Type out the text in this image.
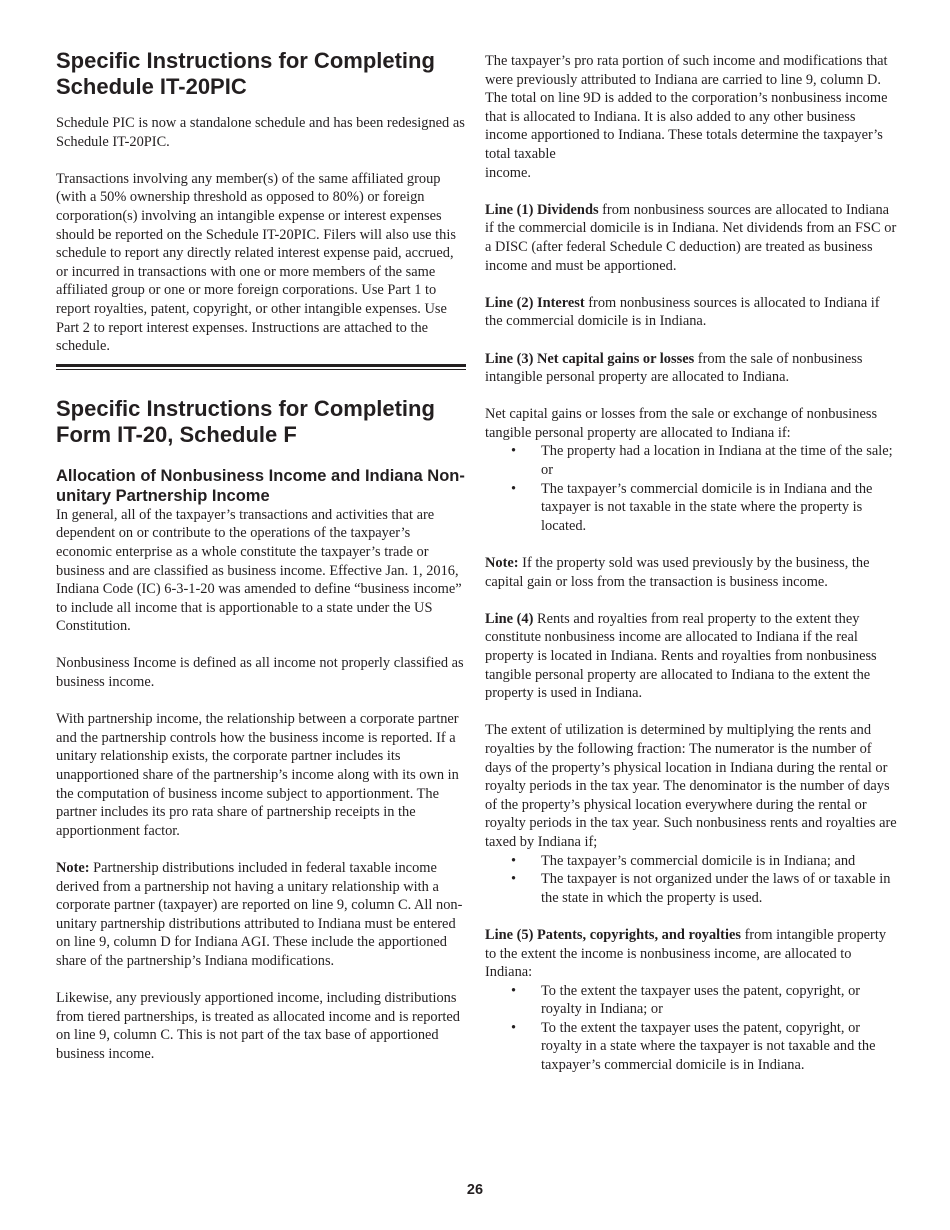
Specific Instructions for Completing Schedule IT-20PIC

Schedule PIC is now a standalone schedule and has been redesigned as Schedule IT-20PIC.

Transactions involving any member(s) of the same affiliated group (with a 50% ownership threshold as opposed to 80%) or foreign corporation(s) involving an intangible expense or interest expenses should be reported on the Schedule IT-20PIC. Filers will also use this schedule to report any directly related interest expense paid, accrued, or incurred in transactions with one or more members of the same affiliated group or one or more foreign corporations. Use Part 1 to report royalties, patent, copyright, or other intangible expenses. Use Part 2 to report interest expenses. Instructions are attached to the schedule.

Specific Instructions for Completing Form IT-20, Schedule F
Allocation of Nonbusiness Income and Indiana Non-unitary Partnership Income

In general, all of the taxpayer’s transactions and activities that are dependent on or contribute to the operations of the taxpayer’s economic enterprise as a whole constitute the taxpayer’s trade or business and are classified as business income. Effective Jan. 1, 2016, Indiana Code (IC) 6-3-1-20 was amended to define “business income” to include all income that is apportionable to a state under the US Constitution.

Nonbusiness Income is defined as all income not properly classified as business income.

With partnership income, the relationship between a corporate partner and the partnership controls how the business income is reported. If a unitary relationship exists, the corporate partner includes its unapportioned share of the partnership’s income along with its own in the computation of business income subject to apportionment. The partner includes its pro rata share of partnership receipts in the apportionment factor.

Note: Partnership distributions included in federal taxable income derived from a partnership not having a unitary relationship with a corporate partner (taxpayer) are reported on line 9, column C. All non-unitary partnership distributions attributed to Indiana must be entered on line 9, column D for Indiana AGI. These include the apportioned share of the partnership’s Indiana modifications.

Likewise, any previously apportioned income, including distributions from tiered partnerships, is treated as allocated income and is reported on line 9, column C. This is not part of the tax base of apportioned business income.

The taxpayer’s pro rata portion of such income and modifications that were previously attributed to Indiana are carried to line 9, column D. The total on line 9D is added to the corporation’s nonbusiness income that is allocated to Indiana. It is also added to any other business income apportioned to Indiana. These totals determine the taxpayer’s total taxable
income.

Line (1) Dividends from nonbusiness sources are allocated to Indiana if the commercial domicile is in Indiana. Net dividends from an FSC or a DISC (after federal Schedule C deduction) are treated as business income and must be apportioned.

Line (2) Interest from nonbusiness sources is allocated to Indiana if the commercial domicile is in Indiana.

Line (3) Net capital gains or losses from the sale of nonbusiness intangible personal property are allocated to Indiana.

Net capital gains or losses from the sale or exchange of nonbusiness tangible personal property are allocated to Indiana if:

• The property had a location in Indiana at the time of the sale; or
• The taxpayer’s commercial domicile is in Indiana and the taxpayer is not taxable in the state where the property is located.

Note: If the property sold was used previously by the business, the capital gain or loss from the transaction is business income.

Line (4) Rents and royalties from real property to the extent they constitute nonbusiness income are allocated to Indiana if the real property is located in Indiana. Rents and royalties from nonbusiness tangible personal property are allocated to Indiana to the extent the property is used in Indiana.

The extent of utilization is determined by multiplying the rents and royalties by the following fraction: The numerator is the number of days of the property’s physical location in Indiana during the rental or royalty periods in the tax year. The denominator is the number of days of the property’s physical location everywhere during the rental or royalty periods in the tax year. Such nonbusiness rents and royalties are taxed by Indiana if;

• The taxpayer’s commercial domicile is in Indiana; and
• The taxpayer is not organized under the laws of or taxable in the state in which the property is used.

Line (5) Patents, copyrights, and royalties from intangible property to the extent the income is nonbusiness income, are allocated to Indiana:

• To the extent the taxpayer uses the patent, copyright, or royalty in Indiana; or
• To the extent the taxpayer uses the patent, copyright, or royalty in a state where the taxpayer is not taxable and the taxpayer’s commercial domicile is in Indiana.
26
